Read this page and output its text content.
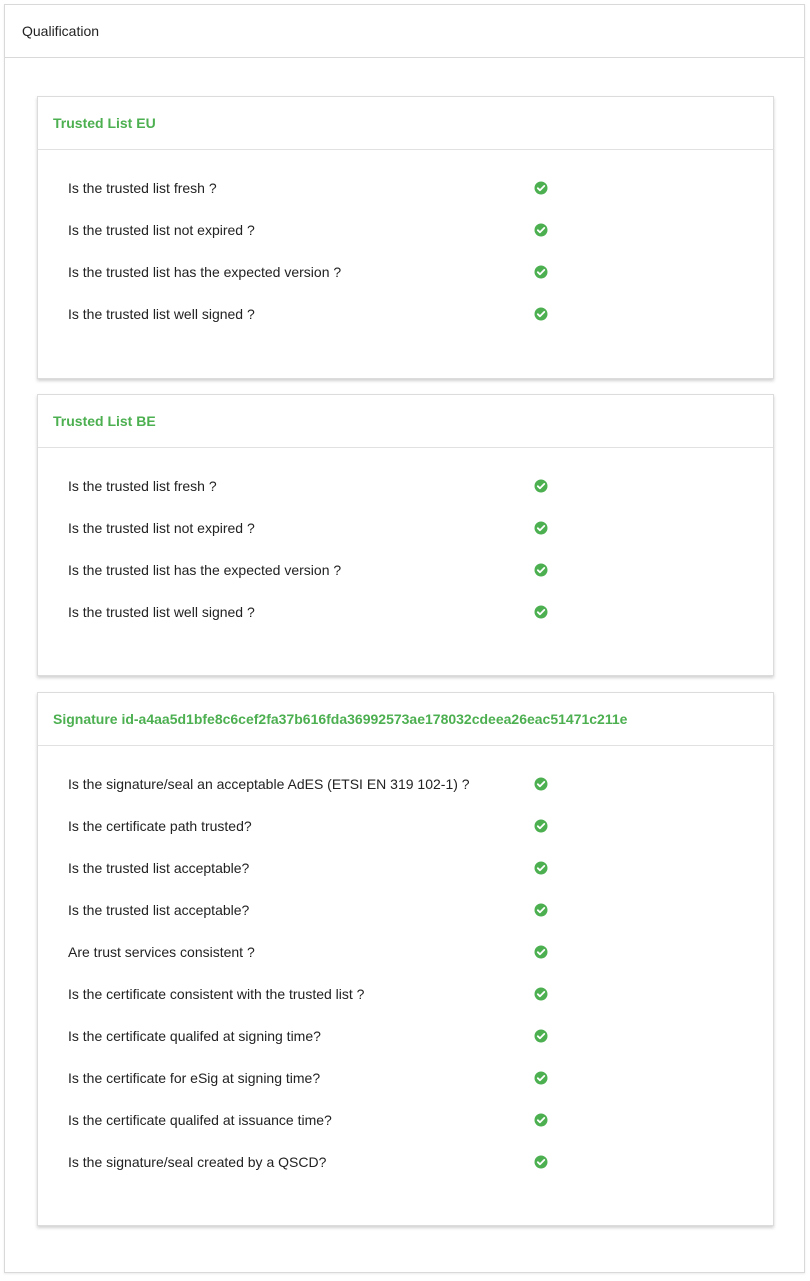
Qualification
Trusted List EU
Is the trusted list fresh ?
Is the trusted list not expired ?
Is the trusted list has the expected version ?
Is the trusted list well signed ?
Trusted List BE
Is the trusted list fresh ?
Is the trusted list not expired ?
Is the trusted list has the expected version ?
Is the trusted list well signed ?
Signature id-a4aa5d1bfe8c6cef2fa37b616fda36992573ae178032cdeea26eac51471c211e
Is the signature/seal an acceptable AdES (ETSI EN 319 102-1) ?
Is the certificate path trusted?
Is the trusted list acceptable?
Is the trusted list acceptable?
Are trust services consistent ?
Is the certificate consistent with the trusted list ?
Is the certificate qualifed at signing time?
Is the certificate for eSig at signing time?
Is the certificate qualifed at issuance time?
Is the signature/seal created by a QSCD?
